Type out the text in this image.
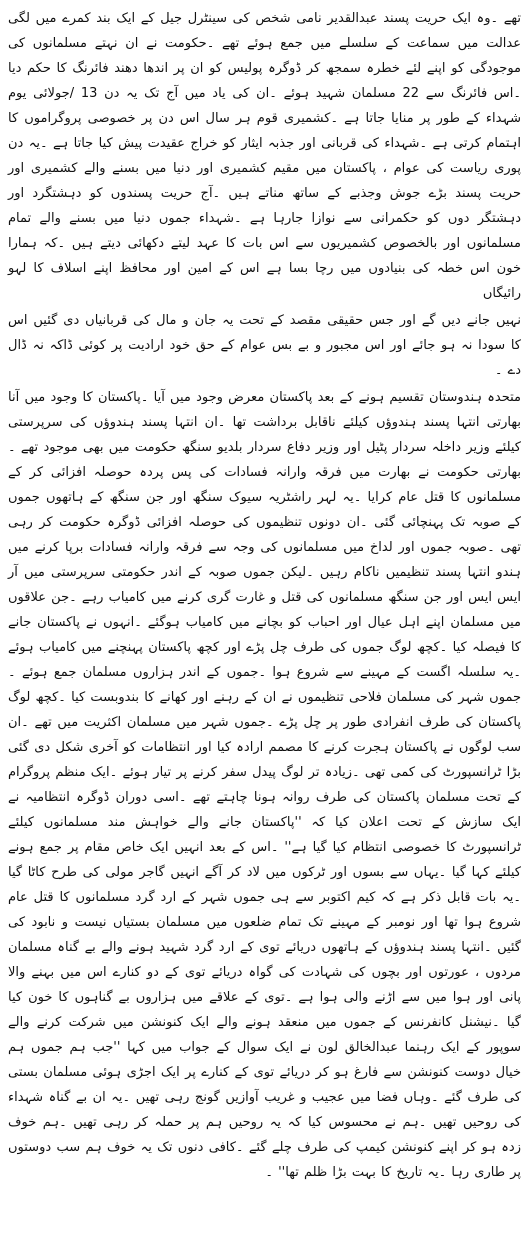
تھے ۔وہ ایک حریت پسند عبدالقدیر نامی شخص کی سینٹرل جیل کے ایک بند کمرے میں لگی عدالت میں سماعت کے سلسلے میں جمع ہوئے تھے ۔حکومت نے ان نہتے مسلمانوں کی موجودگی کو اپنے لئے خطرہ سمجھ کر ڈوگرہ پولیس کو ان پر اندھا دھند فائرنگ کا حکم دیا ۔اس فائرنگ سے 22 مسلمان شہید ہوئے ۔ان کی یاد میں آج تک یہ دن 13 /جولائی یوم شہداء کے طور پر منایا جاتا ہے ۔کشمیری قوم ہر سال اس دن پر خصوصی پروگراموں کا اہتمام کرتی ہے ۔شہداء کی قربانی اور جذبہ ایثار کو خراج عقیدت پیش کیا جاتا ہے ۔یہ دن پوری ریاست کی عوام ، پاکستان میں مقیم کشمیری اور دنیا میں بسنے والے کشمیری اور حریت پسند بڑے جوش وجذبے کے ساتھ مناتے ہیں ۔آج حریت پسندوں کو دہشتگرد اور دہشتگر دوں کو حکمرانی سے نوازا جارہا ہے ۔شہداء جموں دنیا میں بسنے والے تمام مسلمانوں اور بالخصوص کشمیریوں سے اس بات کا عہد لیتے دکھائی دیتے ہیں ۔کہ ہمارا خون اس خطہ کی بنیادوں میں رچا بسا ہے اس کے امین اور محافظ اپنے اسلاف کا لہو رائیگاں

نہیں جانے دیں گے اور جس حقیقی مقصد کے تحت یہ جان و مال کی قربانیاں دی گئیں اس کا سودا نہ ہو جائے اور اس مجبور و بے بس عوام کے حق خود ارادیت پر کوئی ڈاکہ نہ ڈال دے ۔

متحدہ ہندوستان تقسیم ہونے کے بعد پاکستان معرض وجود میں آیا ۔پاکستان کا وجود میں آنا بھارتی انتہا پسند ہندوؤں کیلئے ناقابل برداشت تھا ۔ان انتہا پسند ہندوؤں کی سرپرستی کیلئے وزیر داخلہ سردار پٹیل اور وزیر دفاع سردار بلدیو سنگھ حکومت میں بھی موجود تھے ۔بھارتی حکومت نے بھارت میں فرقہ وارانہ فسادات کی پس پردہ حوصلہ افزائی کر کے مسلمانوں کا قتل عام کرایا ۔یہ لہر راشٹریہ سیوک سنگھ اور جن سنگھ کے ہاتھوں جموں کے صوبہ تک پہنچائی گئی ۔ان دونوں تنظیموں کی حوصلہ افزائی ڈوگرہ حکومت کر رہی تھی ۔صوبہ جموں اور لداخ میں مسلمانوں کی وجہ سے فرقہ وارانہ فسادات برپا کرنے میں ہندو انتہا پسند تنظیمیں ناکام رہیں ۔لیکن جموں صوبہ کے اندر حکومتی سرپرستی میں آر ایس ایس اور جن سنگھ مسلمانوں کی قتل و غارت گری کرنے میں کامیاب رہے ۔جن علاقوں میں مسلمان اپنے اہل عیال اور احباب کو بچانے میں کامیاب ہوگئے ۔انہوں نے پاکستان جانے کا فیصلہ کیا ۔کچھ لوگ جموں کی طرف چل پڑے اور کچھ پاکستان پہنچنے میں کامیاب ہوئے ۔یہ سلسلہ اگست کے مہینے سے شروع ہوا ۔جموں کے اندر ہزاروں مسلمان جمع ہوئے ۔جموں شہر کی مسلمان فلاحی تنظیموں نے ان کے رہنے اور کھانے کا بندوبست کیا ۔کچھ لوگ پاکستان کی طرف انفرادی طور پر چل پڑے ۔جموں شہر میں مسلمان اکثریت میں تھے ۔ان سب لوگوں نے پاکستان ہجرت کرنے کا مصمم ارادہ کیا اور انتظامات کو آخری شکل دی گئی بڑا ٹرانسپورٹ کی کمی تھی ۔زیادہ تر لوگ پیدل سفر کرنے پر تیار ہوئے ۔ایک منظم پروگرام کے تحت مسلمان پاکستان کی طرف روانہ ہونا چاہتے تھے ۔اسی دوران ڈوگرہ انتظامیہ نے ایک سازش کے تحت اعلان کیا کہ ''پاکستان جانے والے خواہش مند مسلمانوں کیلئے ٹرانسپورٹ کا خصوصی انتظام کیا گیا ہے'' ۔اس کے بعد انہیں ایک خاص مقام پر جمع ہونے کیلئے کہا گیا ۔یہاں سے بسوں اور ٹرکوں میں لاد کر آگے انہیں گاجر مولی کی طرح کاٹا گیا ۔یہ بات قابل ذکر ہے کہ کیم اکتوبر سے ہی جموں شہر کے ارد گرد مسلمانوں کا قتل عام شروع ہوا تھا اور نومبر کے مہینے تک تمام ضلعوں میں مسلمان بستیاں نیست و نابود کی گئیں ۔انتہا پسند ہندوؤں کے ہاتھوں دریائے توی کے ارد گرد شہید ہونے والے بے گناہ مسلمان مردوں ، عورتوں اور بچوں کی شہادت کی گواہ دریائے توی کے دو کنارے اس میں بہنے والا پانی اور ہوا میں سے اڑنے والی ہوا ہے ۔توی کے علاقے میں ہزاروں بے گناہوں کا خون کیا گیا ۔نیشنل کانفرنس کے جموں میں منعقد ہونے والے ایک کنونشن میں شرکت کرنے والے سوپور کے ایک رہنما عبدالخالق لون نے ایک سوال کے جواب میں کہا ''جب ہم جموں ہم خیال دوست کنونشن سے فارغ ہو کر دریائے توی کے کنارے پر ایک اجڑی ہوئی مسلمان بستی کی طرف گئے ۔وہاں فضا میں عجیب و غریب آوازیں گونج رہی تھیں ۔یہ ان بے گناہ شہداء کی روحیں تھیں ۔ہم نے محسوس کیا کہ یہ روحیں ہم پر حملہ کر رہی تھیں ۔ہم خوف زدہ ہو کر اپنے کنونشن کیمپ کی طرف چلے گئے ۔کافی دنوں تک یہ خوف ہم سب دوستوں پر طاری رہا ۔یہ تاریخ کا بہت بڑا ظلم تھا'' ۔
